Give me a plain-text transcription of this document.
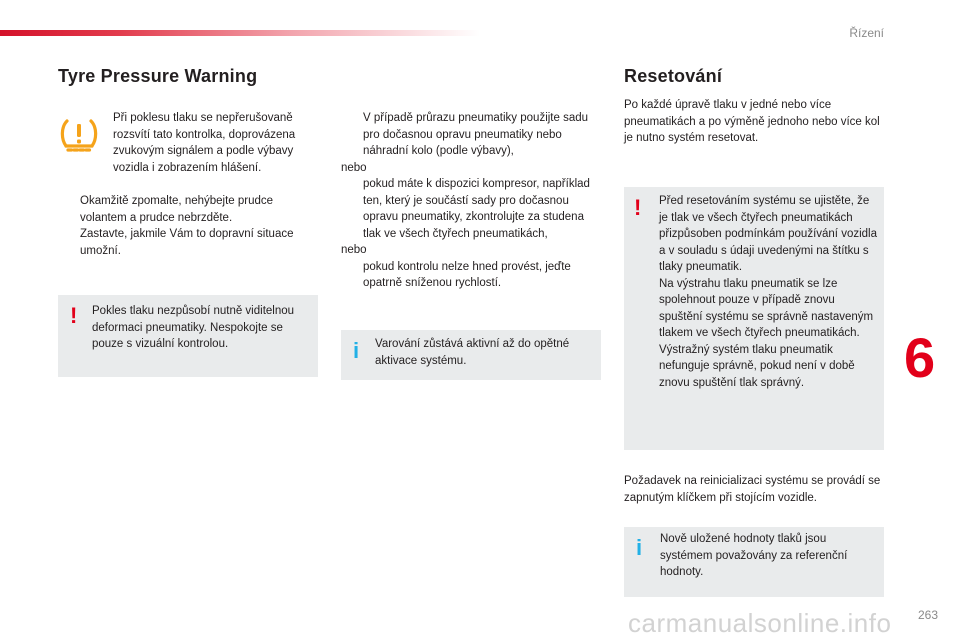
Řízení
Tyre Pressure Warning

Při poklesu tlaku se nepřerušovaně rozsvítí tato kontrolka, doprovázena zvukovým signálem a podle výbavy vozidla i zobrazením hlášení.

Okamžitě zpomalte, nehýbejte prudce volantem a prudce nebrzděte.
Zastavte, jakmile Vám to dopravní situace umožní.
! Pokles tlaku nezpůsobí nutně viditelnou deformaci pneumatiky. Nespokojte se pouze s vizuální kontrolou.

V případě průrazu pneumatiky použijte sadu pro dočasnou opravu pneumatiky nebo náhradní kolo (podle výbavy),
nebo
pokud máte k dispozici kompresor, například ten, který je součástí sady pro dočasnou opravu pneumatiky, zkontrolujte za studena tlak ve všech čtyřech pneumatikách,
nebo
pokud kontrolu nelze hned provést, jeďte opatrně sníženou rychlostí.
i Varování zůstává aktivní až do opětné aktivace systému.

Resetování

Po každé úpravě tlaku v jedné nebo více pneumatikách a po výměně jednoho nebo více kol je nutno systém resetovat.

! Před resetováním systému se ujistěte, že je tlak ve všech čtyřech pneumatikách přizpůsoben podmínkám používání vozidla a v souladu s údaji uvedenými na štítku s tlaky pneumatik.
Na výstrahu tlaku pneumatik se lze spolehnout pouze v případě znovu spuštění systému se správně nastaveným tlakem ve všech čtyřech pneumatikách.
Výstražný systém tlaku pneumatik nefunguje správně, pokud není v době znovu spuštění tlak správný.

Požadavek na reinicializaci systému se provádí se zapnutým klíčkem při stojícím vozidle.

i Nově uložené hodnoty tlaků jsou systémem považovány za referenční hodnoty.

6
carmanualsonline.info 263
